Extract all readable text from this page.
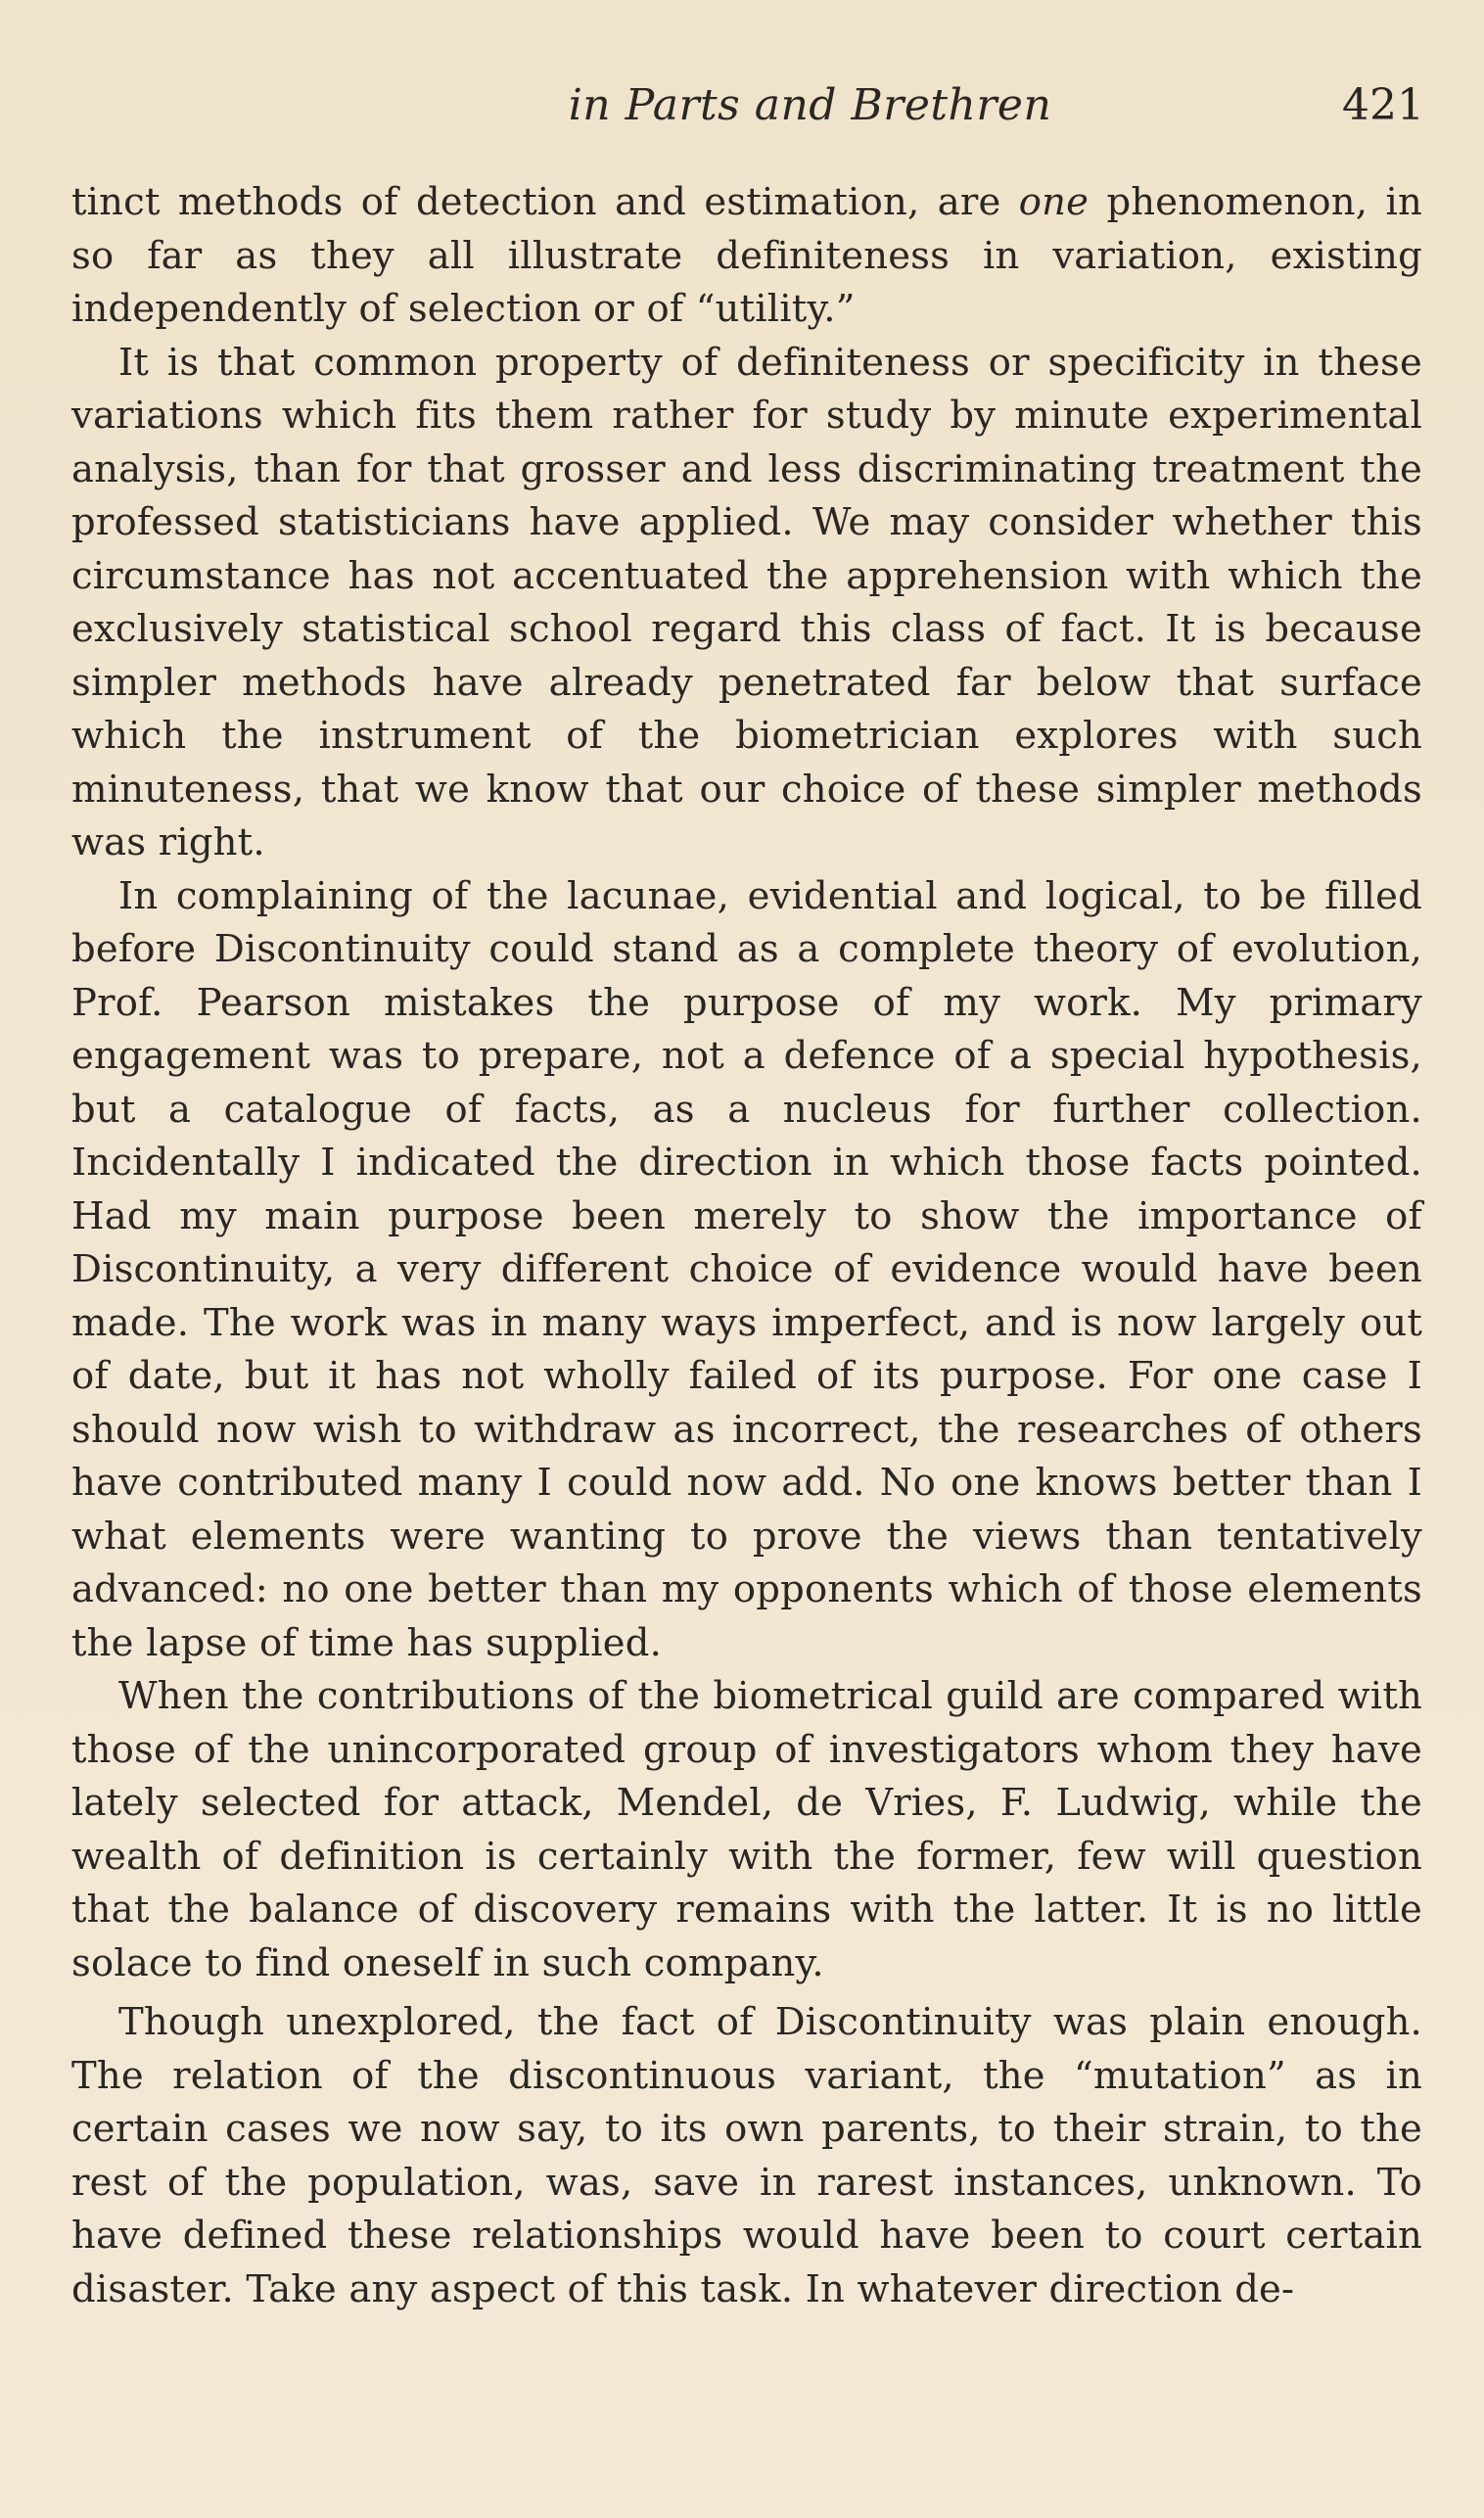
in Parts and Brethren	421

tinct methods of detection and estimation, are one phenomenon, in so far as they all illustrate definiteness in variation, existing independently of selection or of “utility.”

It is that common property of definiteness or specificity in these variations which fits them rather for study by minute experimental analysis, than for that grosser and less discriminating treatment the professed statisticians have applied. We may consider whether this circumstance has not accentuated the apprehension with which the exclusively statistical school regard this class of fact. It is because simpler methods have already penetrated far below that surface which the instrument of the biometrician explores with such minuteness, that we know that our choice of these simpler methods was right.

In complaining of the lacunae, evidential and logical, to be filled before Discontinuity could stand as a complete theory of evolution, Prof. Pearson mistakes the purpose of my work. My primary engagement was to prepare, not a defence of a special hypothesis, but a catalogue of facts, as a nucleus for further collection. Incidentally I indicated the direction in which those facts pointed. Had my main purpose been merely to show the importance of Discontinuity, a very different choice of evidence would have been made. The work was in many ways imperfect, and is now largely out of date, but it has not wholly failed of its purpose. For one case I should now wish to withdraw as incorrect, the researches of others have contributed many I could now add. No one knows better than I what elements were wanting to prove the views than tentatively advanced: no one better than my opponents which of those elements the lapse of time has supplied.

When the contributions of the biometrical guild are compared with those of the unincorporated group of investigators whom they have lately selected for attack, Mendel, de Vries, F. Ludwig, while the wealth of definition is certainly with the former, few will question that the balance of discovery remains with the latter. It is no little solace to find oneself in such company.

Though unexplored, the fact of Discontinuity was plain enough. The relation of the discontinuous variant, the “mutation” as in certain cases we now say, to its own parents, to their strain, to the rest of the population, was, save in rarest instances, unknown. To have defined these relationships would have been to court certain disaster. Take any aspect of this task. In whatever direction de-
